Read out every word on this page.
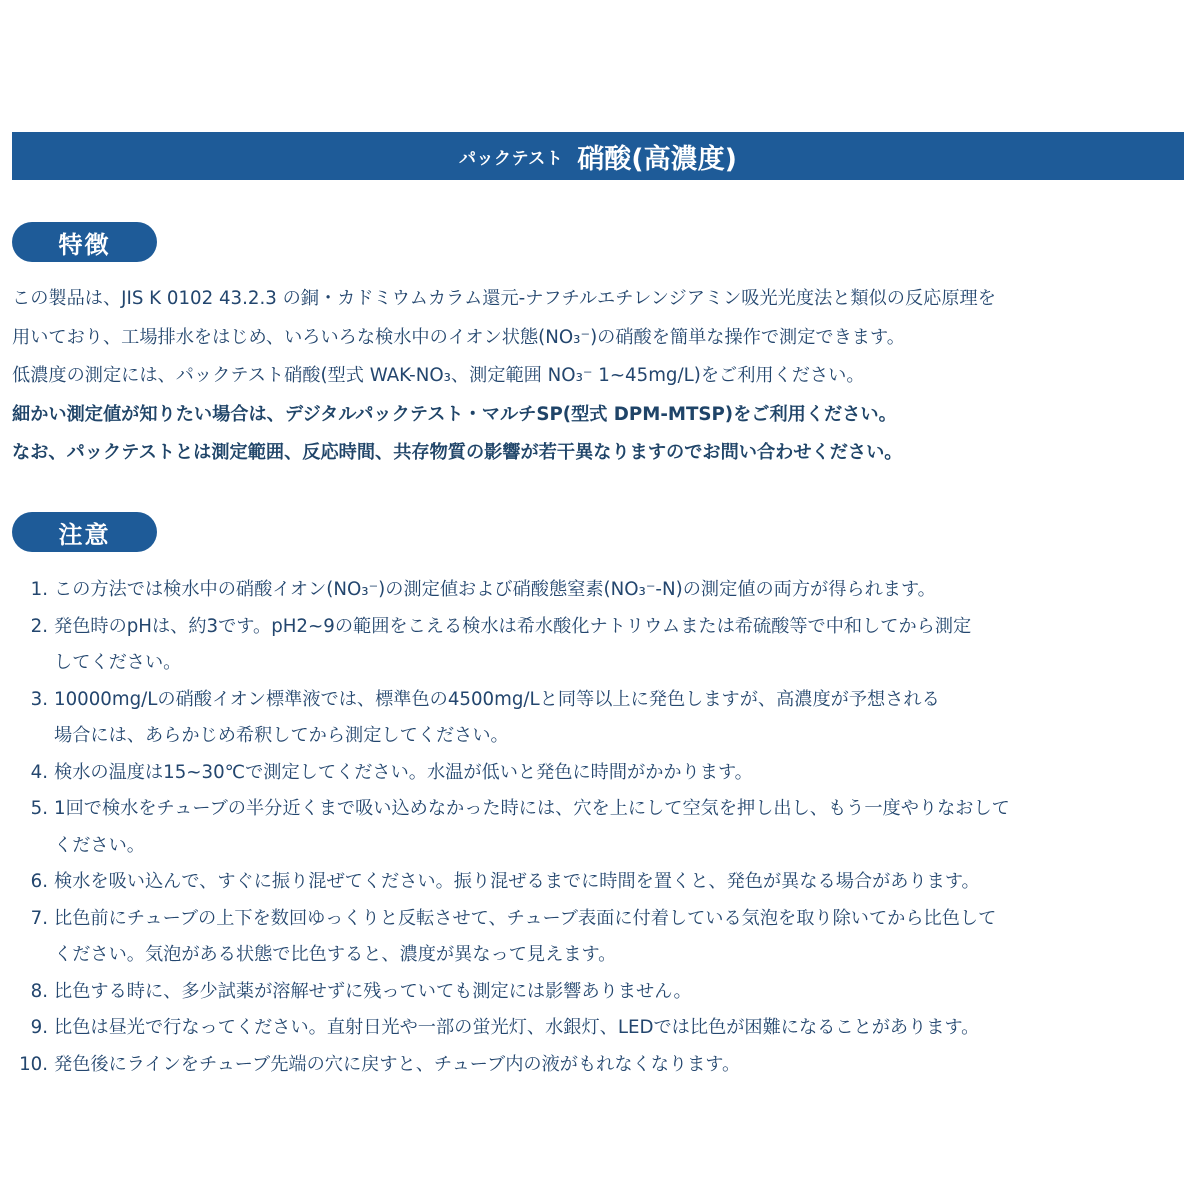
パックテスト 硝酸(高濃度)
特徴
この製品は、JIS K 0102 43.2.3 の銅・カドミウムカラム還元-ナフチルエチレンジアミン吸光光度法と類似の反応原理を
用いており、工場排水をはじめ、いろいろな検水中のイオン状態(NO₃⁻)の硝酸を簡単な操作で測定できます。
低濃度の測定には、パックテスト硝酸(型式 WAK-NO₃、測定範囲 NO₃⁻ 1~45mg/L)をご利用ください。
細かい測定値が知りたい場合は、デジタルパックテスト・マルチSP(型式 DPM-MTSP)をご利用ください。
なお、パックテストとは測定範囲、反応時間、共存物質の影響が若干異なりますのでお問い合わせください。
注意
1. この方法では検水中の硝酸イオン(NO₃⁻)の測定値および硝酸態窒素(NO₃⁻-N)の測定値の両方が得られます。
2. 発色時のpHは、約3です。pH2~9の範囲をこえる検水は希水酸化ナトリウムまたは希硫酸等で中和してから測定
してください。
3. 10000mg/Lの硝酸イオン標準液では、標準色の4500mg/Lと同等以上に発色しますが、高濃度が予想される
場合には、あらかじめ希釈してから測定してください。
4. 検水の温度は15~30℃で測定してください。水温が低いと発色に時間がかかります。
5. 1回で検水をチューブの半分近くまで吸い込めなかった時には、穴を上にして空気を押し出し、もう一度やりなおして
ください。
6. 検水を吸い込んで、すぐに振り混ぜてください。振り混ぜるまでに時間を置くと、発色が異なる場合があります。
7. 比色前にチューブの上下を数回ゆっくりと反転させて、チューブ表面に付着している気泡を取り除いてから比色して
ください。気泡がある状態で比色すると、濃度が異なって見えます。
8. 比色する時に、多少試薬が溶解せずに残っていても測定には影響ありません。
9. 比色は昼光で行なってください。直射日光や一部の蛍光灯、水銀灯、LEDでは比色が困難になることがあります。
10. 発色後にラインをチューブ先端の穴に戻すと、チューブ内の液がもれなくなります。
